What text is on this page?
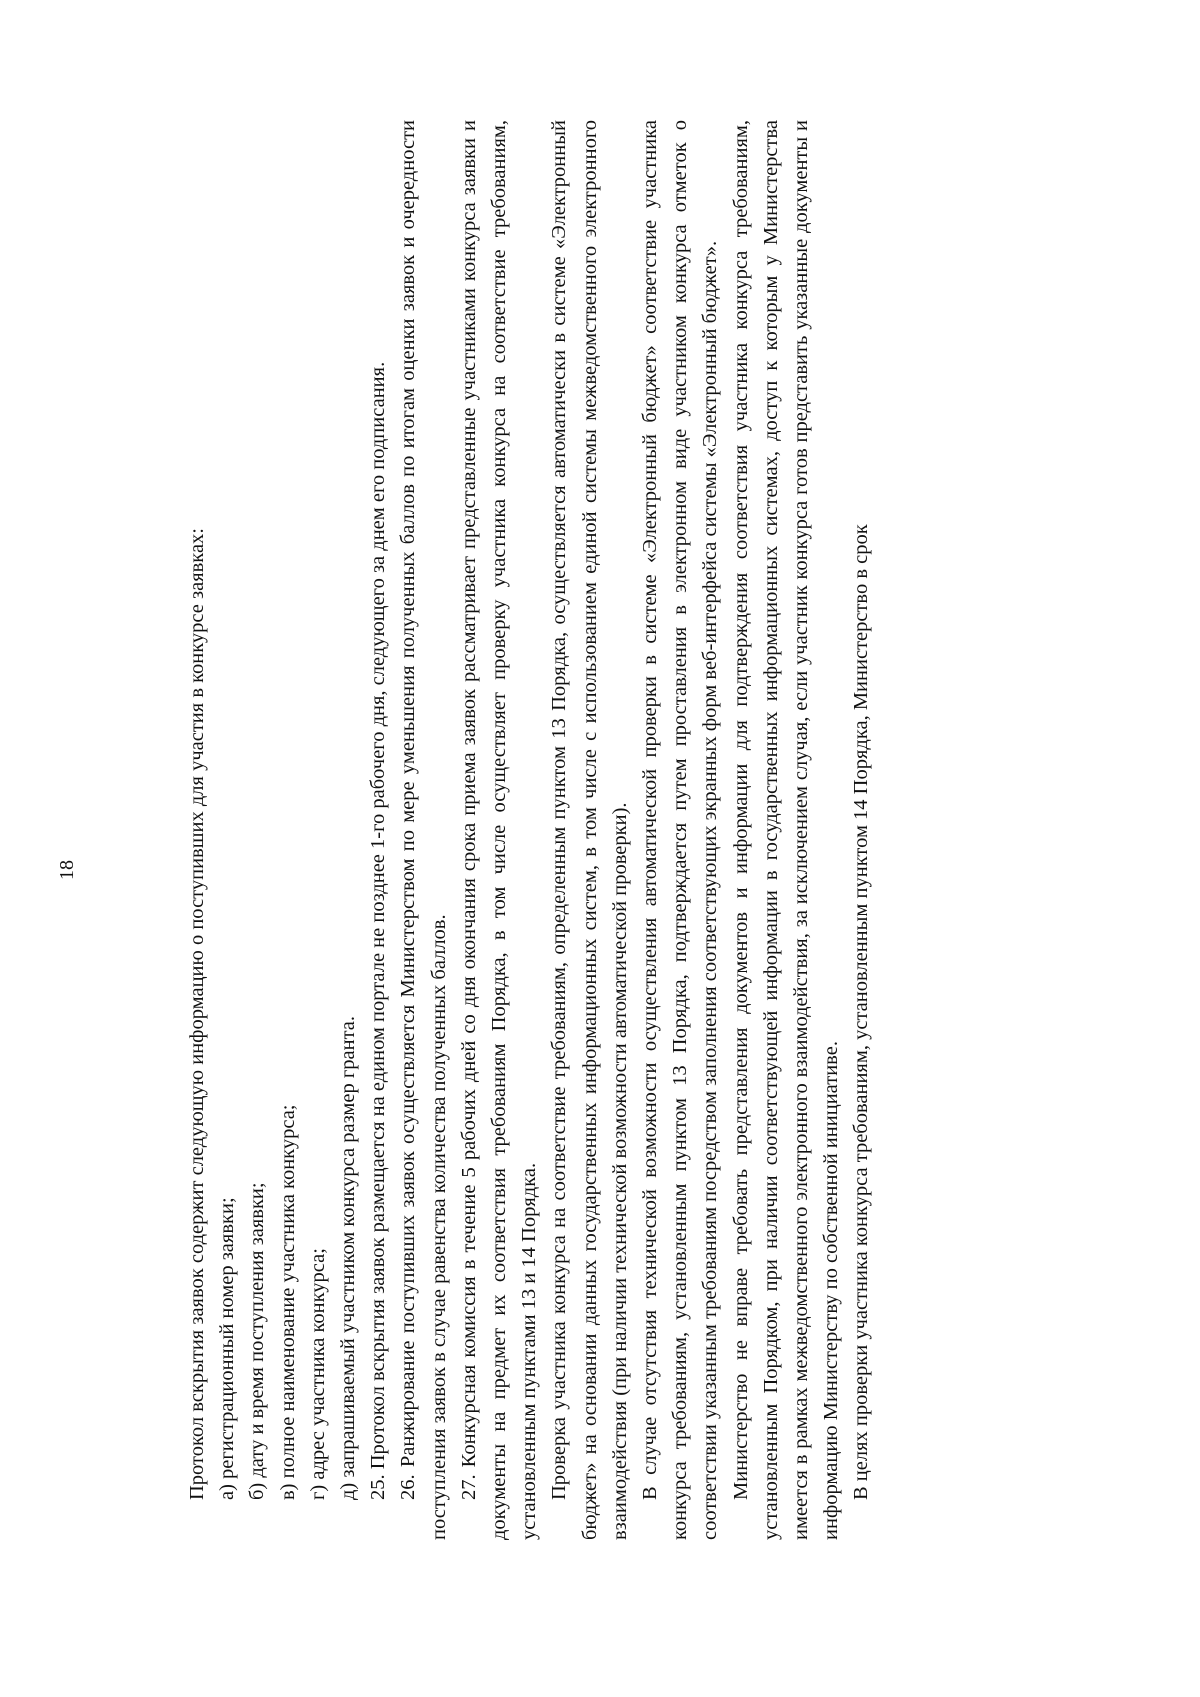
18	Протокол вскрытия заявок содержит следующую информацию о поступивших для участия в конкурсе заявках: а) регистрационный номер заявки; б) дату и время поступления заявки; в) полное наименование участника конкурса; г) адрес участника конкурса; д) запрашиваемый участником конкурса размер гранта. 25. Протокол вскрытия заявок размещается на едином портале не позднее 1-го рабочего дня, следующего за днем его подписания. 26. Ранжирование поступивших заявок осуществляется Министерством по мере уменьшения полученных баллов по итогам оценки заявок и очередности поступления заявок в случае равенства количества полученных баллов. 27. Конкурсная комиссия в течение 5 рабочих дней со дня окончания срока приема заявок рассматривает представленные участниками конкурса заявки и документы на предмет их соответствия требованиям Порядка, в том числе осуществляет проверку участника конкурса на соответствие требованиям, установленным пунктами 13 и 14 Порядка. Проверка участника конкурса на соответствие требованиям, определенным пунктом 13 Порядка, осуществляется автоматически в системе «Электронный бюджет» на основании данных государственных информационных систем, в том числе с использованием единой системы межведомственного электронного взаимодействия (при наличии технической возможности автоматической проверки). В случае отсутствия технической возможности осуществления автоматической проверки в системе «Электронный бюджет» соответствие участника конкурса требованиям, установленным пунктом 13 Порядка, подтверждается путем проставления в электронном виде участником конкурса отметок о соответствии указанным требованиям посредством заполнения соответствующих экранных форм веб-интерфейса системы «Электронный бюджет». Министерство не вправе требовать представления документов и информации для подтверждения соответствия участника конкурса требованиям, установленным Порядком, при наличии соответствующей информации в государственных информационных системах, доступ к которым у Министерства имеется в рамках межведомственного электронного взаимодействия, за исключением случая, если участник конкурса готов представить указанные документы и информацию Министерству по собственной инициативе. В целях проверки участника конкурса требованиям, установленным пунктом 14 Порядка, Министерство в срок
